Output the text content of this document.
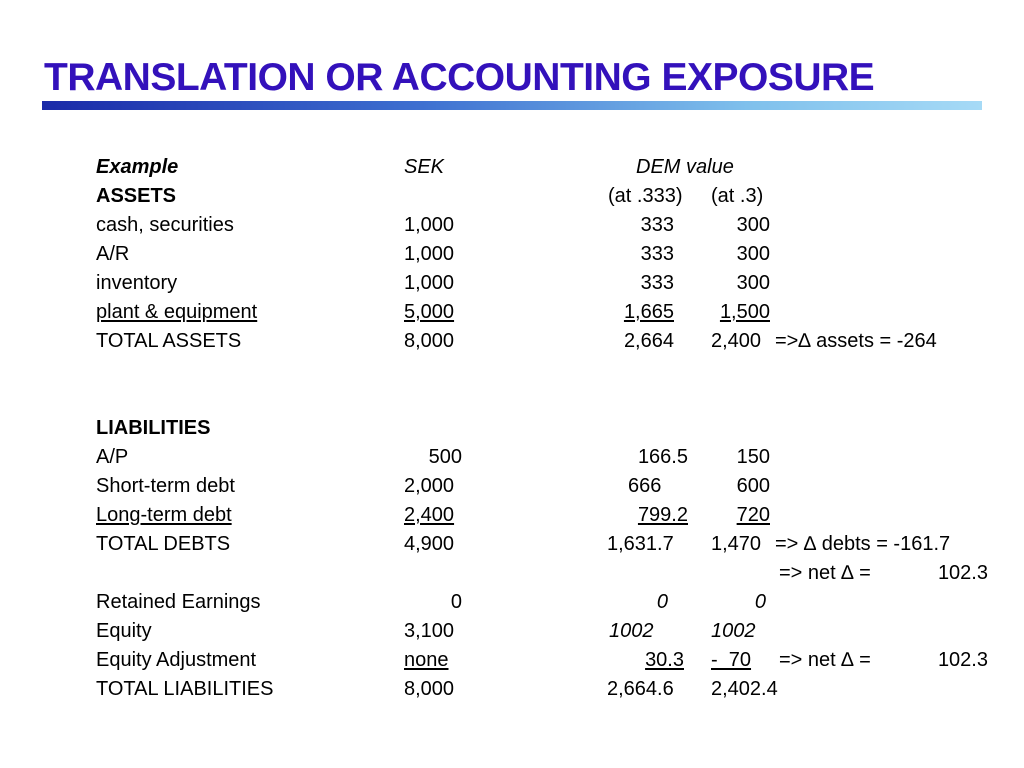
TRANSLATION OR ACCOUNTING EXPOSURE
Example	SEK	DEM value
ASSETS	(at .333) (at .3)
cash, securities	1,000	333	300
A/R	1,000	333	300
inventory	1,000	333	300
plant & equipment	5,000	1,665	1,500
TOTAL ASSETS	8,000	2,664 2,400 =>∆ assets = -264
LIABILITIES
A/P	500	166.5	150
Short-term debt	2,000	666	600
Long-term debt	2,400	799.2	720
TOTAL DEBTS	4,900	1,631.7 1,470 => ∆ debts = -161.7
=> net ∆ =	102.3
Retained Earnings	0	0	0
Equity	3,100	1002	1002
Equity Adjustment	none	30.3 -  70 => net ∆ =	102.3
TOTAL LIABILITIES	8,000	2,664.6 2,402.4
